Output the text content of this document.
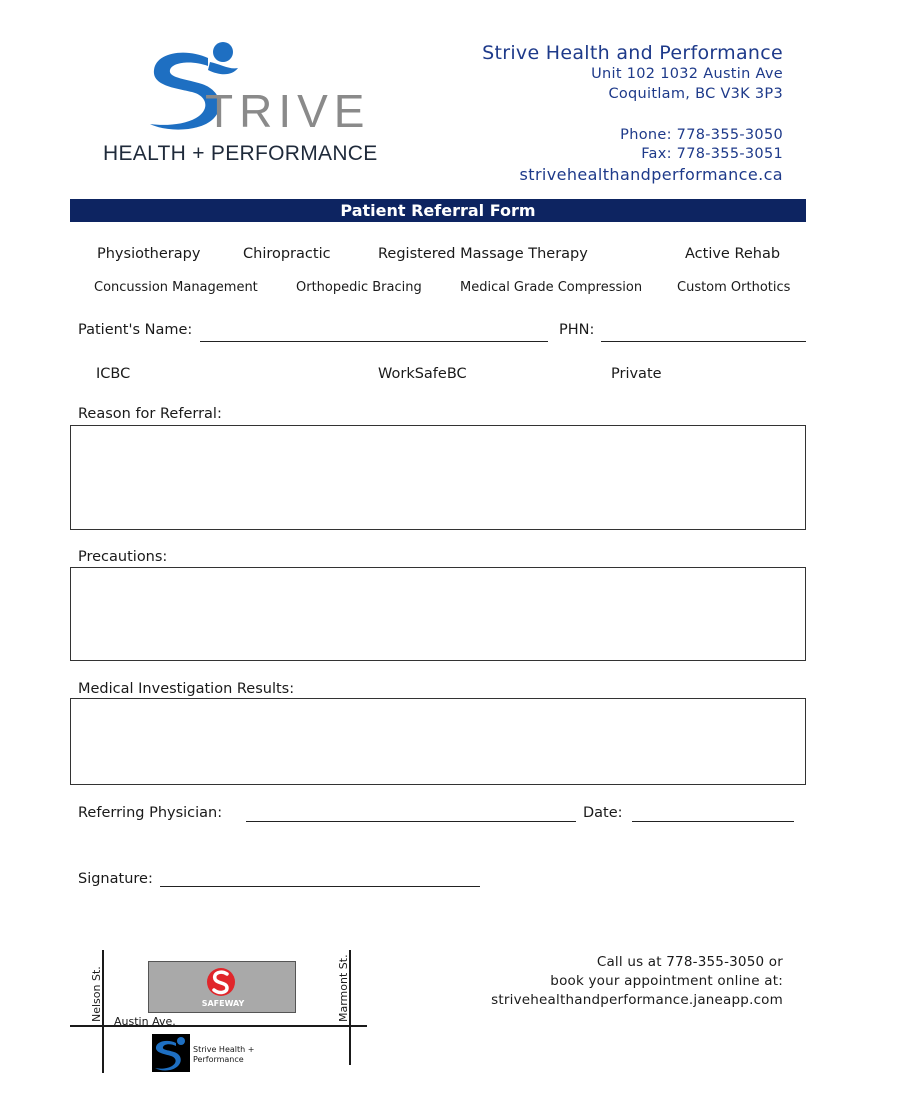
TRIVE
HEALTH + PERFORMANCE
Strive Health and Performance
Unit 102 1032 Austin Ave
Coquitlam, BC V3K 3P3
Phone: 778-355-3050
Fax: 778-355-3051
strivehealthandperformance.ca
Patient Referral Form
Physiotherapy	Chiropractic	Registered Massage Therapy	Active Rehab
Concussion Management	Orthopedic Bracing	Medical Grade Compression	Custom Orthotics
Patient's Name:	PHN:
ICBC	WorkSafeBC	Private
Reason for Referral:
Precautions:
Medical Investigation Results:
Referring Physician:	Date:
Signature:
SAFEWAY
Nelson St.	Marmont St.
Austin Ave.
Strive Health +
Performance
Call us at 778-355-3050 or
book your appointment online at:
strivehealthandperformance.janeapp.com
